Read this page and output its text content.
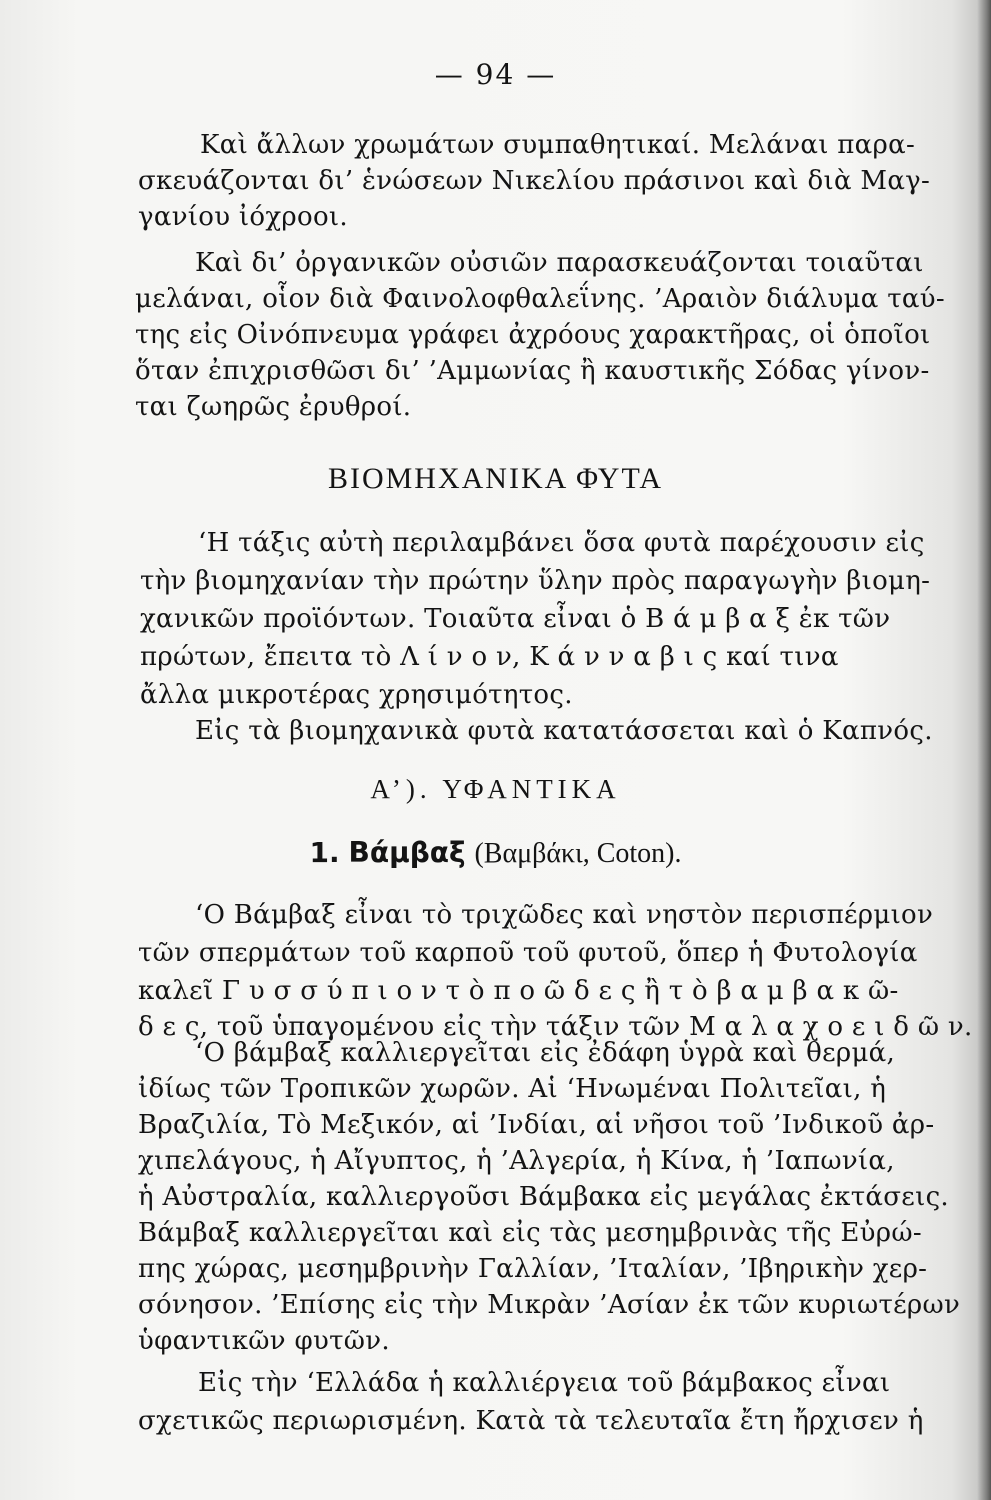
— 94 —
Καὶ ἄλλων χρωμάτων συμπαθητικαί. Μελάναι παρα-
σκευάζονται δι’ ἑνώσεων Νικελίου πράσινοι καὶ διὰ Μαγ-
γανίου ἰόχροοι.
Καὶ δι’ ὀργανικῶν οὐσιῶν παρασκευάζονται τοιαῦται
μελάναι, οἷον διὰ Φαινολοφθαλεΐνης. ’Αραιὸν διάλυμα ταύ-
της εἰς Οἰνόπνευμα γράφει ἀχρόους χαρακτῆρας, οἱ ὁποῖοι
ὅταν ἐπιχρισθῶσι δι’ ’Αμμωνίας ἢ καυστικῆς Σόδας γίνον-
ται ζωηρῶς ἐρυθροί.
ΒΙΟΜΗΧΑΝΙΚΑ ΦΥΤΑ
‘Η τάξις αὐτὴ περιλαμβάνει ὅσα φυτὰ παρέχουσιν εἰς
τὴν βιομηχανίαν τὴν πρώτην ὕλην πρὸς παραγωγὴν βιομη-
χανικῶν προϊόντων. Τοιαῦτα εἶναι ὁ Β ά μ β α ξ ἐκ τῶν
πρώτων, ἔπειτα τὸ Λ ί ν ο ν, Κ ά ν ν α β ι ς καί τινα
ἄλλα μικροτέρας χρησιμότητος.
Εἰς τὰ βιομηχανικὰ φυτὰ κατατάσσεται καὶ ὁ Καπνός.
Α’). ΥΦΑΝΤΙΚΑ
1. Βάμβαξ (Βαμβάκι, Coton).
‘Ο Βάμβαξ εἶναι τὸ τριχῶδες καὶ νηστὸν περισπέρμιον
τῶν σπερμάτων τοῦ καρποῦ τοῦ φυτοῦ, ὅπερ ἡ Φυτολογία
καλεῖ Γ υ σ σ ύ π ι ο ν τ ὸ π ο ῶ δ ε ς ἢ τ ὸ β α μ β α κ ῶ-
δ ε ς, τοῦ ὑπαγομένου εἰς τὴν τάξιν τῶν Μ α λ α χ ο ε ι δ ῶ ν.
‘Ο βάμβαξ καλλιεργεῖται εἰς ἐδάφη ὑγρὰ καὶ θερμά,
ἰδίως τῶν Τροπικῶν χωρῶν. Αἱ ‘Ηνωμέναι Πολιτεῖαι, ἡ
Βραζιλία, Τὸ Μεξικόν, αἱ ’Ινδίαι, αἱ νῆσοι τοῦ ’Ινδικοῦ ἀρ-
χιπελάγους, ἡ Αἴγυπτος, ἡ ’Αλγερία, ἡ Κίνα, ἡ ’Ιαπωνία,
ἡ Αὐστραλία, καλλιεργοῦσι Βάμβακα εἰς μεγάλας ἐκτάσεις.
Βάμβαξ καλλιεργεῖται καὶ εἰς τὰς μεσημβρινὰς τῆς Εὐρώ-
πης χώρας, μεσημβρινὴν Γαλλίαν, ’Ιταλίαν, ’Ιβηρικὴν χερ-
σόνησον. ’Επίσης εἰς τὴν Μικρὰν ’Ασίαν ἐκ τῶν κυριωτέρων
ὑφαντικῶν φυτῶν.
Εἰς τὴν ‘Ελλάδα ἡ καλλιέργεια τοῦ βάμβακος εἶναι
σχετικῶς περιωρισμένη. Κατὰ τὰ τελευταῖα ἔτη ἤρχισεν ἡ
